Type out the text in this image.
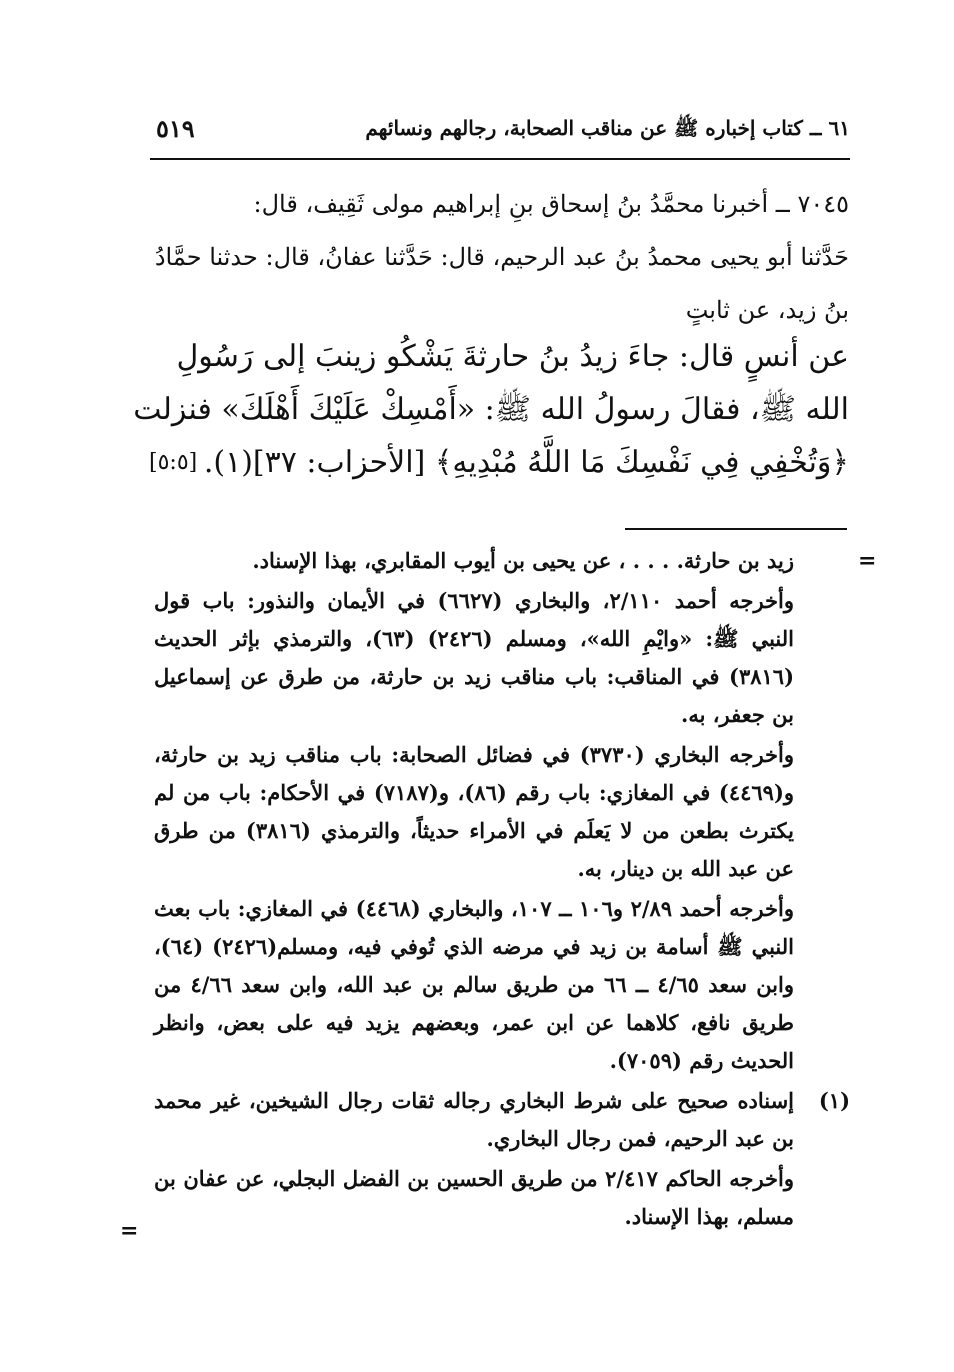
٦١ ــ كتاب إخباره ﷺ عن مناقب الصحابة، رجالهم ونسائهم
٥١٩
٧٠٤٥ ــ أخبرنا محمَّدُ بنُ إسحاق بنِ إبراهيم مولى ثَقِيف، قال:
حَدَّثنا أبو يحيى محمدُ بنُ عبد الرحيم، قال: حَدَّثنا عفانُ، قال: حدثنا حمَّادُ
بنُ زيد، عن ثابتٍ
عن أنسٍ قال: جاءَ زيدُ بنُ حارثةَ يَشْكُو زينبَ إلى رَسُولِ
الله ﷺ، فقالَ رسولُ الله ﷺ: «أَمْسِكْ عَلَيْكَ أَهْلَكَ» فنزلت
﴿وَتُخْفِي فِي نَفْسِكَ مَا اللَّهُ مُبْدِيهِ﴾ [الأحزاب: ٣٧](١).
[٥:٥]
=
زيد بن حارثة. . . . ، عن يحيى بن أيوب المقابري، بهذا الإسناد.
وأخرجه أحمد ٢/١١٠، والبخاري (٦٦٢٧) في الأيمان والنذور: باب قول النبي ﷺ: «وايْمِ الله»، ومسلم (٢٤٢٦) (٦٣)، والترمذي بإثر الحديث (٣٨١٦) في المناقب: باب مناقب زيد بن حارثة، من طرق عن إسماعيل بن جعفر، به.
وأخرجه البخاري (٣٧٣٠) في فضائل الصحابة: باب مناقب زيد بن حارثة، و(٤٤٦٩) في المغازي: باب رقم (٨٦)، و(٧١٨٧) في الأحكام: باب من لم يكترث بطعن من لا يَعلَم في الأمراء حديثاً، والترمذي (٣٨١٦) من طرق عن عبد الله بن دينار، به.
وأخرجه أحمد ٢/٨٩ و١٠٦ ــ ١٠٧، والبخاري (٤٤٦٨) في المغازي: باب بعث النبي ﷺ أسامة بن زيد في مرضه الذي تُوفي فيه، ومسلم(٢٤٢٦) (٦٤)، وابن سعد ٤/٦٥ ــ ٦٦ من طريق سالم بن عبد الله، وابن سعد ٤/٦٦ من طريق نافع، كلاهما عن ابن عمر، وبعضهم يزيد فيه على بعض، وانظر الحديث رقم (٧٠٥٩).
(١)
إسناده صحيح على شرط البخاري رجاله ثقات رجال الشيخين، غير محمد بن عبد الرحيم، فمن رجال البخاري.
وأخرجه الحاكم ٢/٤١٧ من طريق الحسين بن الفضل البجلي، عن عفان بن مسلم، بهذا الإسناد.
=
